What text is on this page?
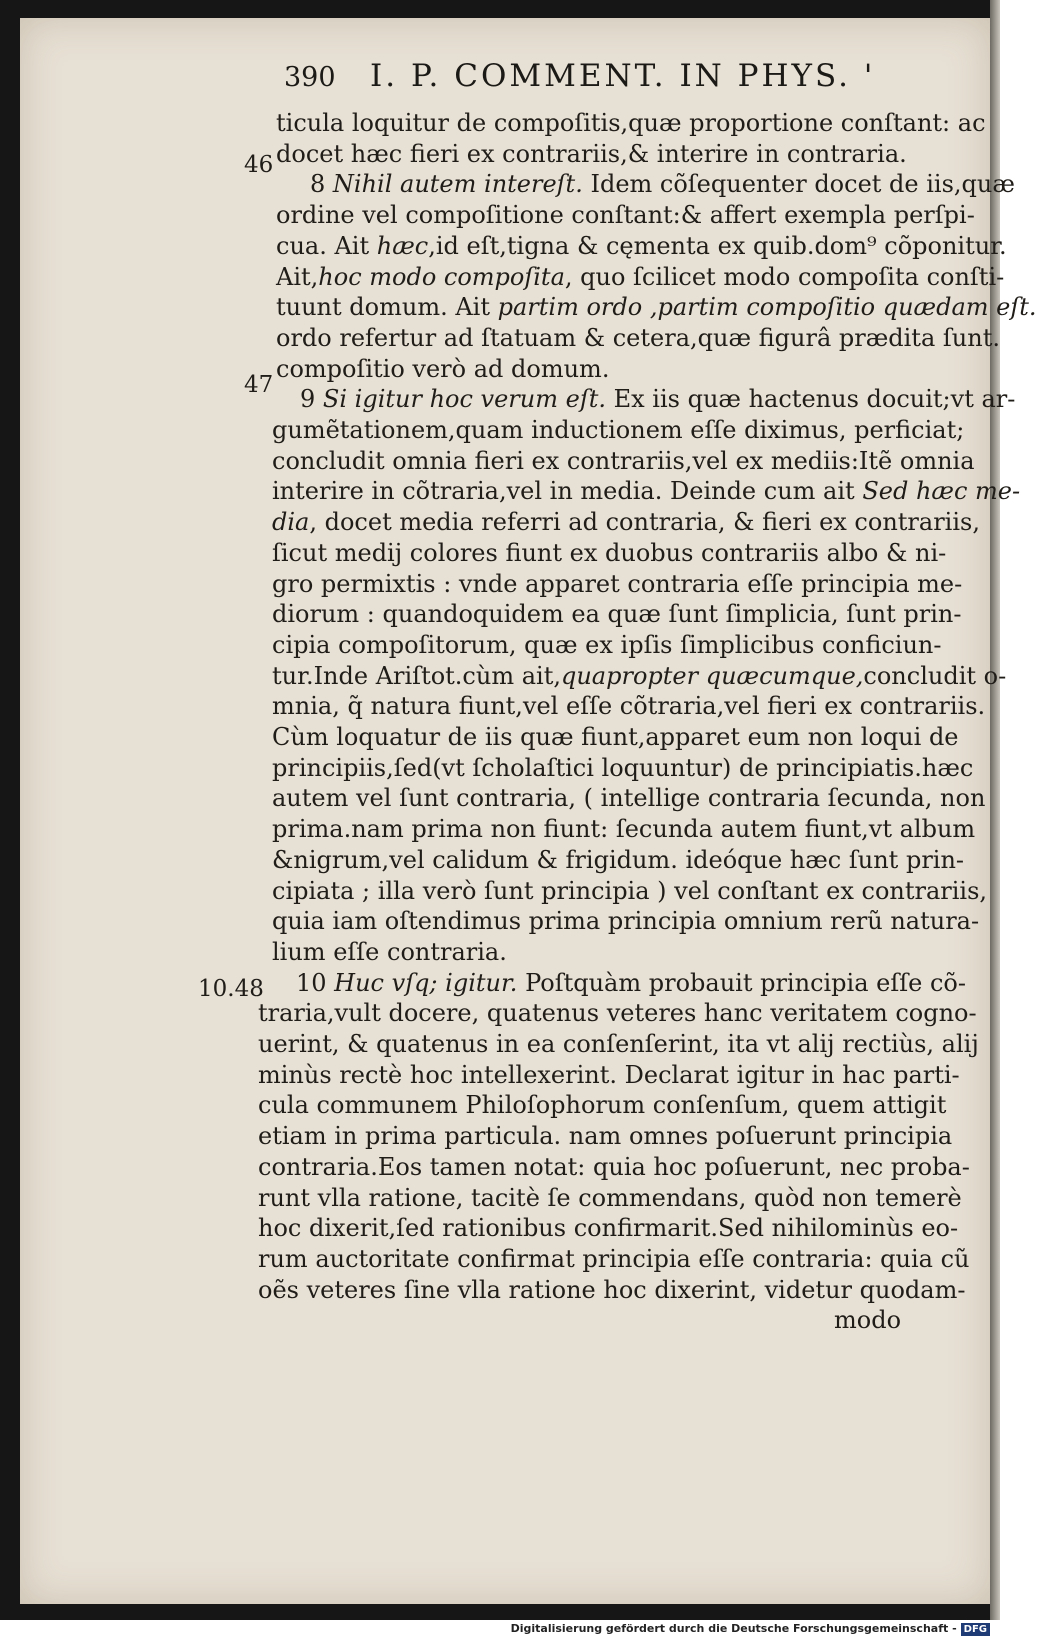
390 I. P. COMMENT. IN PHYS. '
46
47
10.48
ticula loquitur de compoſitis,quæ proportione conſtant: ac
docet hæc fieri ex contrariis,& interire in contraria.
8 Nihil autem intereſt. Idem cõſequenter docet de iis,quæ
ordine vel compoſitione conſtant:& affert exempla perſpi-
cua. Ait hæc,id eſt,tigna & cęmenta ex quib.dom⁹ cõponitur.
Ait,hoc modo compoſita, quo ſcilicet modo compoſita conſti-
tuunt domum. Ait partim ordo ,partim compoſitio quædam eſt.
ordo refertur ad ſtatuam & cetera,quæ figurâ prædita ſunt.
compoſitio verò ad domum.
9 Si igitur hoc verum eſt. Ex iis quæ hactenus docuit;vt ar-
gumẽtationem,quam inductionem eſſe diximus, perficiat;
concludit omnia fieri ex contrariis,vel ex mediis:Itẽ omnia
interire in cõtraria,vel in media. Deinde cum ait Sed hæc me-
dia, docet media referri ad contraria, & fieri ex contrariis,
ſicut medij colores fiunt ex duobus contrariis albo & ni-
gro permixtis : vnde apparet contraria eſſe principia me-
diorum : quandoquidem ea quæ ſunt ſimplicia, ſunt prin-
cipia compoſitorum, quæ ex ipſis ſimplicibus conficiun-
tur.Inde Ariſtot.cùm ait,quapropter quæcumque,concludit o-
mnia, q̃ natura fiunt,vel eſſe cõtraria,vel fieri ex contrariis.
Cùm loquatur de iis quæ fiunt,apparet eum non loqui de
principiis,ſed(vt ſcholaſtici loquuntur) de principiatis.hæc
autem vel ſunt contraria, ( intellige contraria ſecunda, non
prima.nam prima non fiunt: ſecunda autem fiunt,vt album
&nigrum,vel calidum & frigidum. ideóque hæc ſunt prin-
cipiata ; illa verò ſunt principia ) vel conſtant ex contrariis,
quia iam oſtendimus prima principia omnium rerũ natura-
lium eſſe contraria.
10 Huc vſq; igitur. Poſtquàm probauit principia eſſe cõ-
traria,vult docere, quatenus veteres hanc veritatem cogno-
uerint, & quatenus in ea conſenſerint, ita vt alij rectiùs, alij
minùs rectè hoc intellexerint. Declarat igitur in hac parti-
cula communem Philoſophorum conſenſum, quem attigit
etiam in prima particula. nam omnes poſuerunt principia
contraria.Eos tamen notat: quia hoc poſuerunt, nec proba-
runt vlla ratione, tacitè ſe commendans, quòd non temerè
hoc dixerit,ſed rationibus confirmarit.Sed nihilominùs eo-
rum auctoritate confirmat principia eſſe contraria: quia cũ
oẽs veteres ſine vlla ratione hoc dixerint, videtur quodam-
modo
Digitalisierung gefördert durch die Deutsche Forschungsgemeinschaft - DFG
